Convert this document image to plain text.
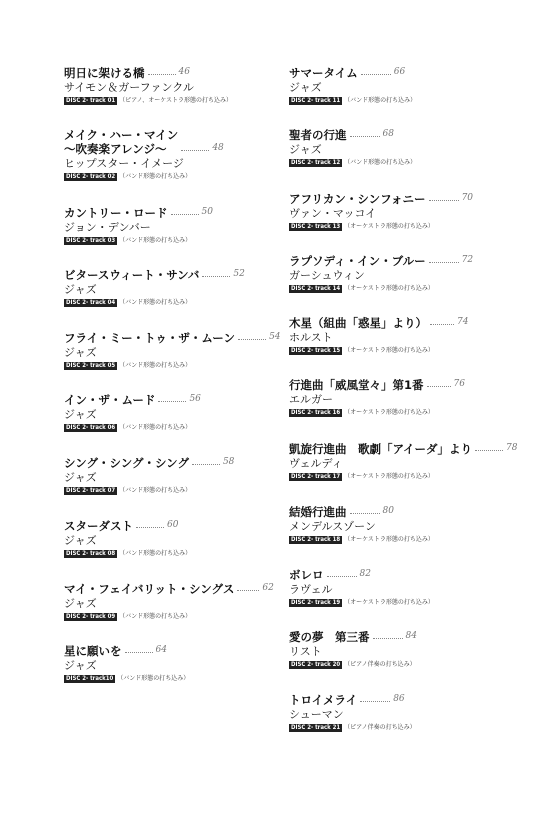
明日に架ける橋	46
サイモン＆ガーファンクル
DISC 2- track 01 （ピアノ、オーケストラ形態の打ち込み）
メイク・ハー・マイン
～吹奏楽アレンジ～	48
ヒップスター・イメージ
DISC 2- track 02 （バンド形態の打ち込み）
カントリー・ロード	50
ジョン・デンバー
DISC 2- track 03 （バンド形態の打ち込み）
ビタースウィート・サンバ	52
ジャズ
DISC 2- track 04 （バンド形態の打ち込み）
フライ・ミー・トゥ・ザ・ムーン	54
ジャズ
DISC 2- track 05 （バンド形態の打ち込み）
イン・ザ・ムード	56
ジャズ
DISC 2- track 06 （バンド形態の打ち込み）
シング・シング・シング	58
ジャズ
DISC 2- track 07 （バンド形態の打ち込み）
スターダスト	60
ジャズ
DISC 2- track 08 （バンド形態の打ち込み）
マイ・フェイバリット・シングス	62
ジャズ
DISC 2- track 09 （バンド形態の打ち込み）
星に願いを	64
ジャズ
DISC 2- track10 （バンド形態の打ち込み）
サマータイム	66
ジャズ
DISC 2- track 11 （バンド形態の打ち込み）
聖者の行進	68
ジャズ
DISC 2- track 12 （バンド形態の打ち込み）
アフリカン・シンフォニー	70
ヴァン・マッコイ
DISC 2- track 13 （オーケストラ形態の打ち込み）
ラプソディ・イン・ブルー	72
ガーシュウィン
DISC 2- track 14 （オーケストラ形態の打ち込み）
木星（組曲「惑星」より）	74
ホルスト
DISC 2- track 15 （オーケストラ形態の打ち込み）
行進曲「威風堂々」第1番	76
エルガー
DISC 2- track 16 （オーケストラ形態の打ち込み）
凱旋行進曲　歌劇「アイーダ」より	78
ヴェルディ
DISC 2- track 17 （オーケストラ形態の打ち込み）
結婚行進曲	80
メンデルスゾーン
DISC 2- track 18 （オーケストラ形態の打ち込み）
ボレロ	82
ラヴェル
DISC 2- track 19 （オーケストラ形態の打ち込み）
愛の夢　第三番	84
リスト
DISC 2- track 20 （ピアノ伴奏の打ち込み）
トロイメライ	86
シューマン
DISC 2- track 21 （ピアノ伴奏の打ち込み）
